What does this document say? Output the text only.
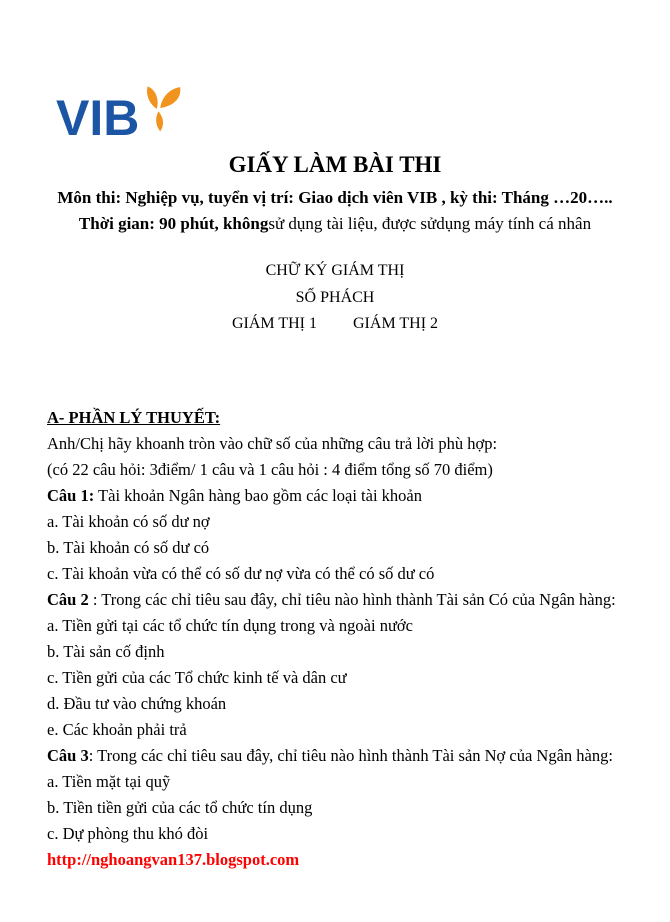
VIB
GIẤY LÀM BÀI THI

Môn thi: Nghiệp vụ, tuyển vị trí: Giao dịch viên VIB , kỳ thi: Tháng …20…..

Thời gian: 90 phút, khôngsử dụng tài liệu, được sửdụng máy tính cá nhân

CHỮ KÝ GIÁM THỊ

SỐ PHÁCH

GIÁM THỊ 1 GIÁM THỊ 2

A- PHẦN LÝ THUYẾT:

Anh/Chị hãy khoanh tròn vào chữ số của những câu trả lời phù hợp:

(có 22 câu hỏi: 3điểm/ 1 câu và 1 câu hỏi : 4 điểm tổng số 70 điểm)

Câu 1: Tài khoản Ngân hàng bao gồm các loại tài khoản

a. Tài khoản có số dư nợ

b. Tài khoản có số dư có

c. Tài khoản vừa có thể có số dư nợ vừa có thể có số dư có

Câu 2 : Trong các chỉ tiêu sau đây, chỉ tiêu nào hình thành Tài sản Có của Ngân hàng:

a. Tiền gửi tại các tổ chức tín dụng trong và ngoài nước

b. Tài sản cố định

c. Tiền gửi của các Tổ chức kinh tế và dân cư

d. Đầu tư vào chứng khoán

e. Các khoản phải trả

Câu 3: Trong các chỉ tiêu sau đây, chỉ tiêu nào hình thành Tài sản Nợ của Ngân hàng:

a. Tiền mặt tại quỹ

b. Tiền tiền gửi của các tổ chức tín dụng

c. Dự phòng thu khó đòi

http://nghoangvan137.blogspot.com
